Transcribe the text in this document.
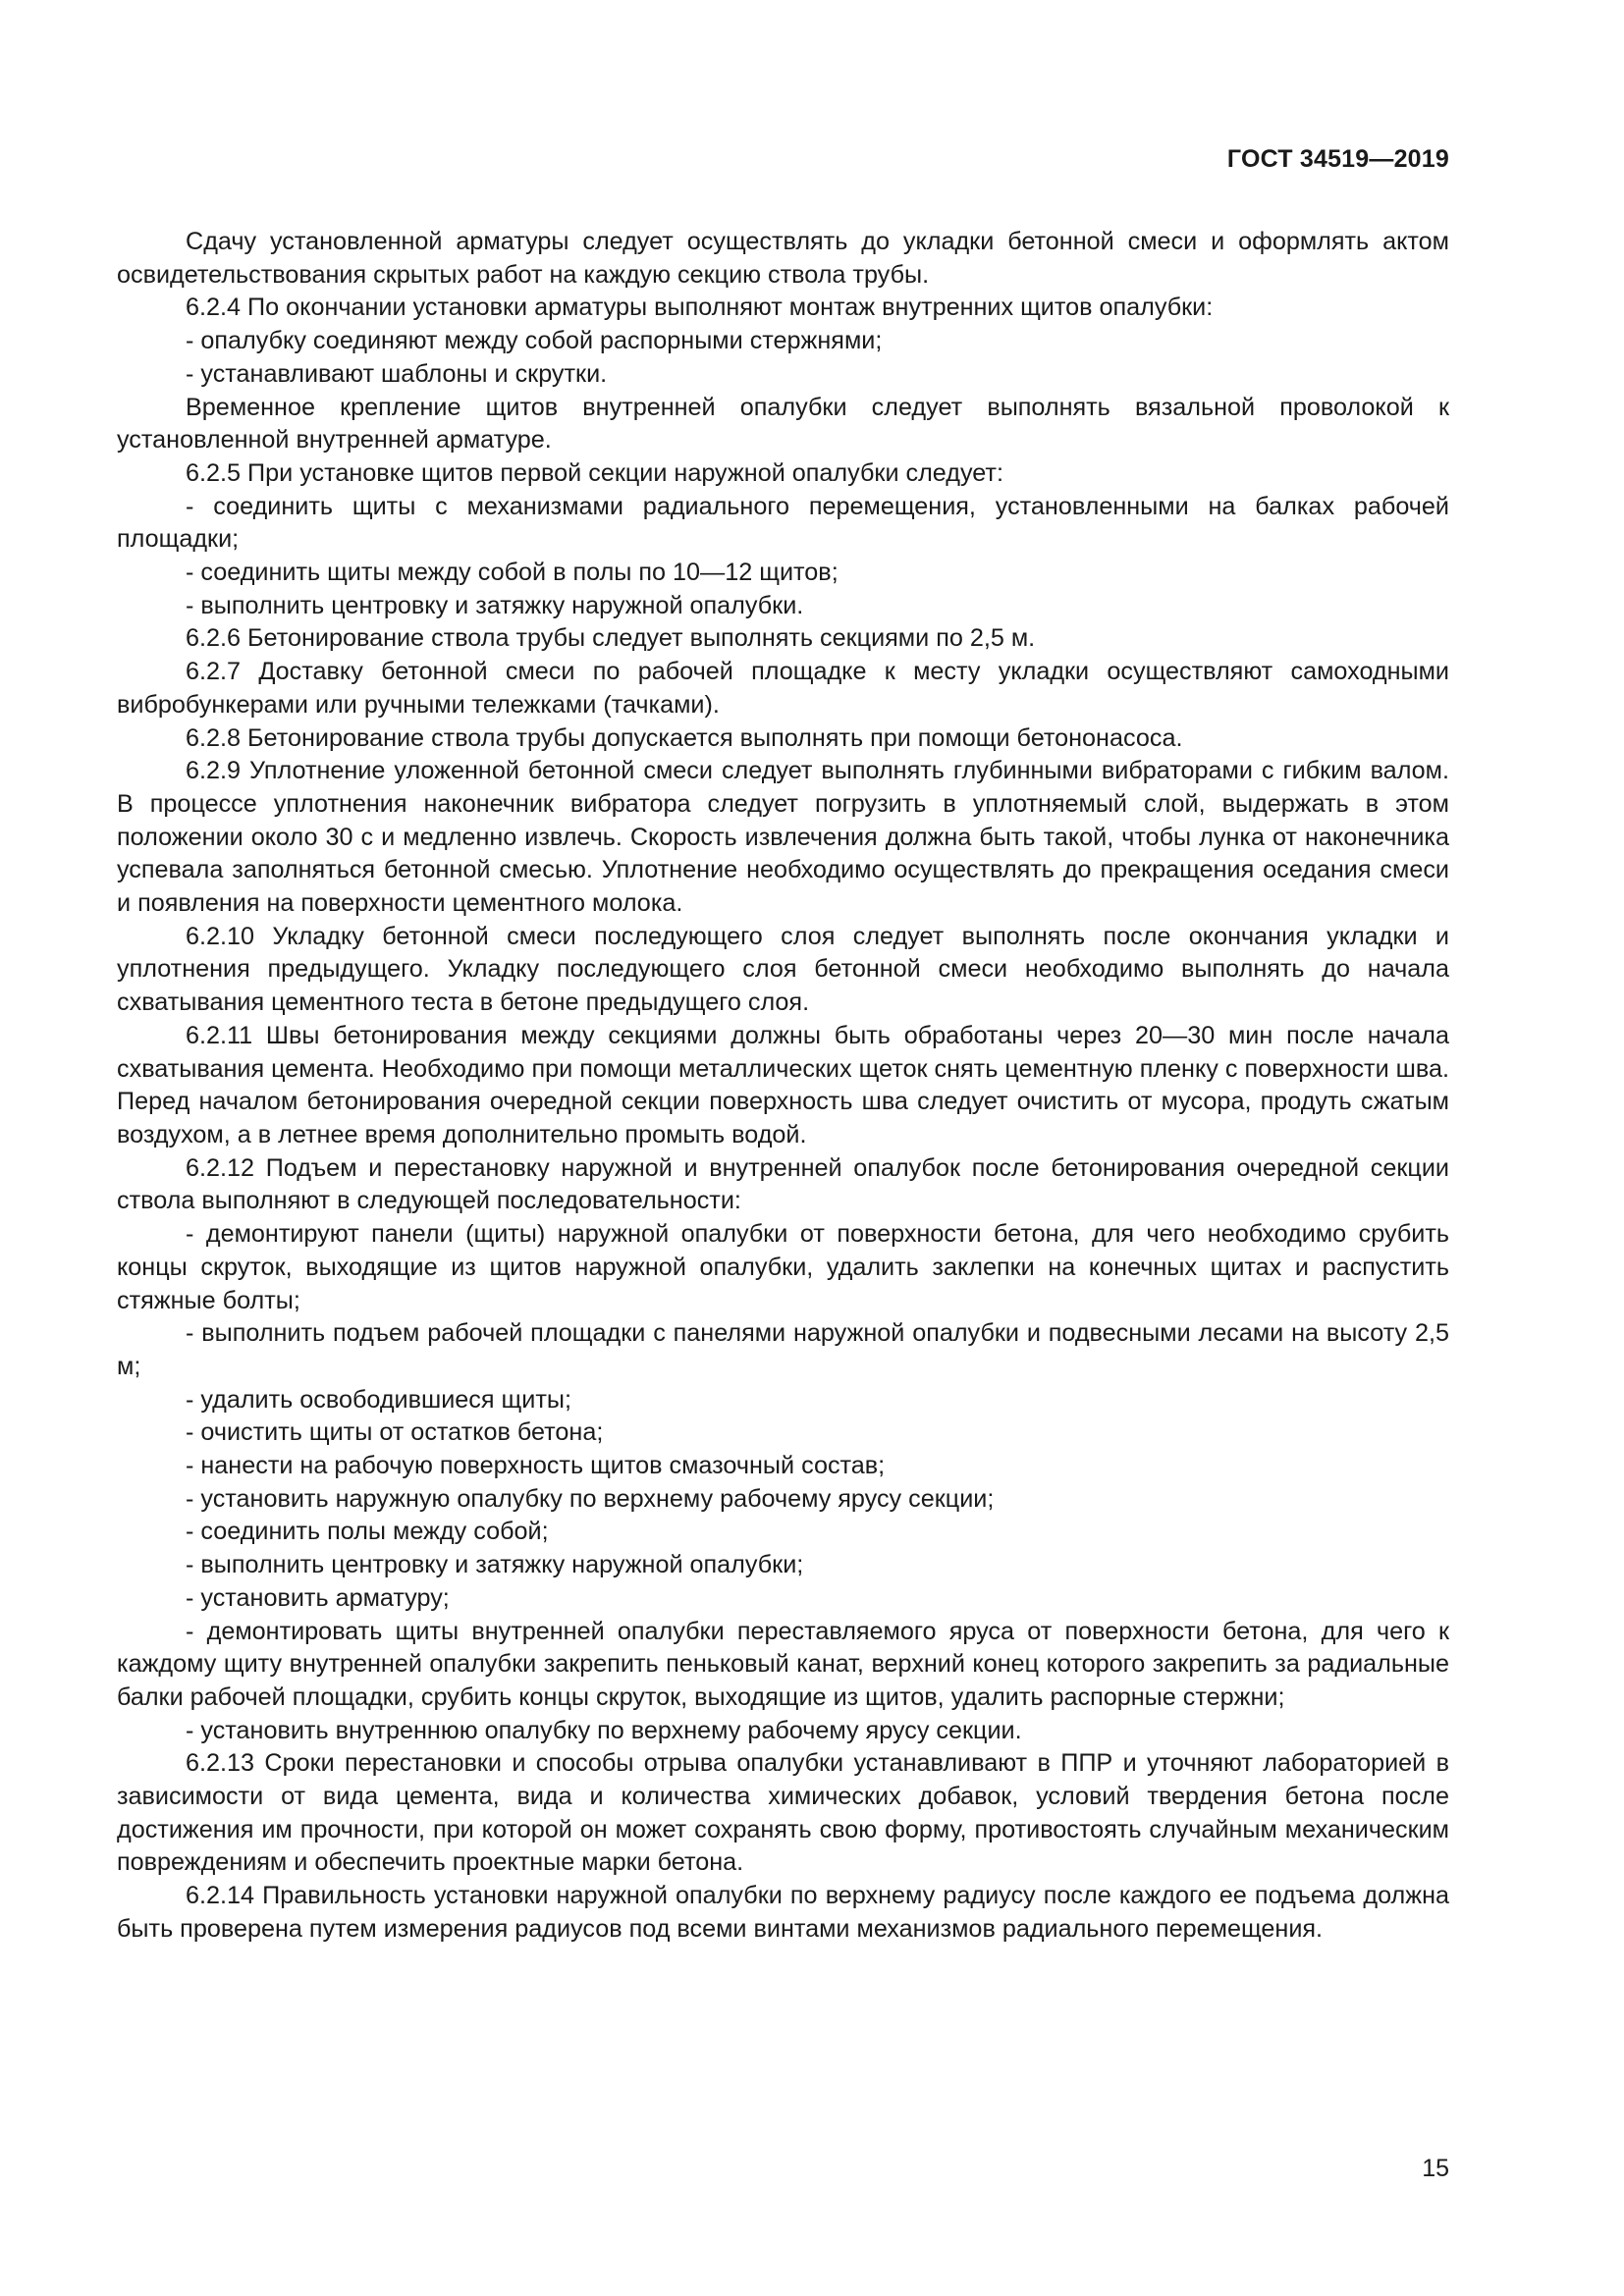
ГОСТ 34519—2019

Сдачу установленной арматуры следует осуществлять до укладки бетонной смеси и оформлять актом освидетельствования скрытых работ на каждую секцию ствола трубы.

6.2.4 По окончании установки арматуры выполняют монтаж внутренних щитов опалубки:

- опалубку соединяют между собой распорными стержнями;

- устанавливают шаблоны и скрутки.

Временное крепление щитов внутренней опалубки следует выполнять вязальной проволокой к установленной внутренней арматуре.

6.2.5 При установке щитов первой секции наружной опалубки следует:

- соединить щиты с механизмами радиального перемещения, установленными на балках рабочей площадки;

- соединить щиты между собой в полы по 10—12 щитов;

- выполнить центровку и затяжку наружной опалубки.

6.2.6 Бетонирование ствола трубы следует выполнять секциями по 2,5 м.

6.2.7 Доставку бетонной смеси по рабочей площадке к месту укладки осуществляют самоходными вибробункерами или ручными тележками (тачками).

6.2.8 Бетонирование ствола трубы допускается выполнять при помощи бетононасоса.

6.2.9 Уплотнение уложенной бетонной смеси следует выполнять глубинными вибраторами с гибким валом. В процессе уплотнения наконечник вибратора следует погрузить в уплотняемый слой, выдержать в этом положении около 30 с и медленно извлечь. Скорость извлечения должна быть такой, чтобы лунка от наконечника успевала заполняться бетонной смесью. Уплотнение необходимо осуществлять до прекращения оседания смеси и появления на поверхности цементного молока.

6.2.10 Укладку бетонной смеси последующего слоя следует выполнять после окончания укладки и уплотнения предыдущего. Укладку последующего слоя бетонной смеси необходимо выполнять до начала схватывания цементного теста в бетоне предыдущего слоя.

6.2.11 Швы бетонирования между секциями должны быть обработаны через 20—30 мин после начала схватывания цемента. Необходимо при помощи металлических щеток снять цементную пленку с поверхности шва. Перед началом бетонирования очередной секции поверхность шва следует очистить от мусора, продуть сжатым воздухом, а в летнее время дополнительно промыть водой.

6.2.12 Подъем и перестановку наружной и внутренней опалубок после бетонирования очередной секции ствола выполняют в следующей последовательности:

- демонтируют панели (щиты) наружной опалубки от поверхности бетона, для чего необходимо срубить концы скруток, выходящие из щитов наружной опалубки, удалить заклепки на конечных щитах и распустить стяжные болты;

- выполнить подъем рабочей площадки с панелями наружной опалубки и подвесными лесами на высоту 2,5 м;

- удалить освободившиеся щиты;

- очистить щиты от остатков бетона;

- нанести на рабочую поверхность щитов смазочный состав;

- установить наружную опалубку по верхнему рабочему ярусу секции;

- соединить полы между собой;

- выполнить центровку и затяжку наружной опалубки;

- установить арматуру;

- демонтировать щиты внутренней опалубки переставляемого яруса от поверхности бетона, для чего к каждому щиту внутренней опалубки закрепить пеньковый канат, верхний конец которого закрепить за радиальные балки рабочей площадки, срубить концы скруток, выходящие из щитов, удалить распорные стержни;

- установить внутреннюю опалубку по верхнему рабочему ярусу секции.

6.2.13 Сроки перестановки и способы отрыва опалубки устанавливают в ППР и уточняют лабораторией в зависимости от вида цемента, вида и количества химических добавок, условий твердения бетона после достижения им прочности, при которой он может сохранять свою форму, противостоять случайным механическим повреждениям и обеспечить проектные марки бетона.

6.2.14 Правильность установки наружной опалубки по верхнему радиусу после каждого ее подъема должна быть проверена путем измерения радиусов под всеми винтами механизмов радиального перемещения.

15
